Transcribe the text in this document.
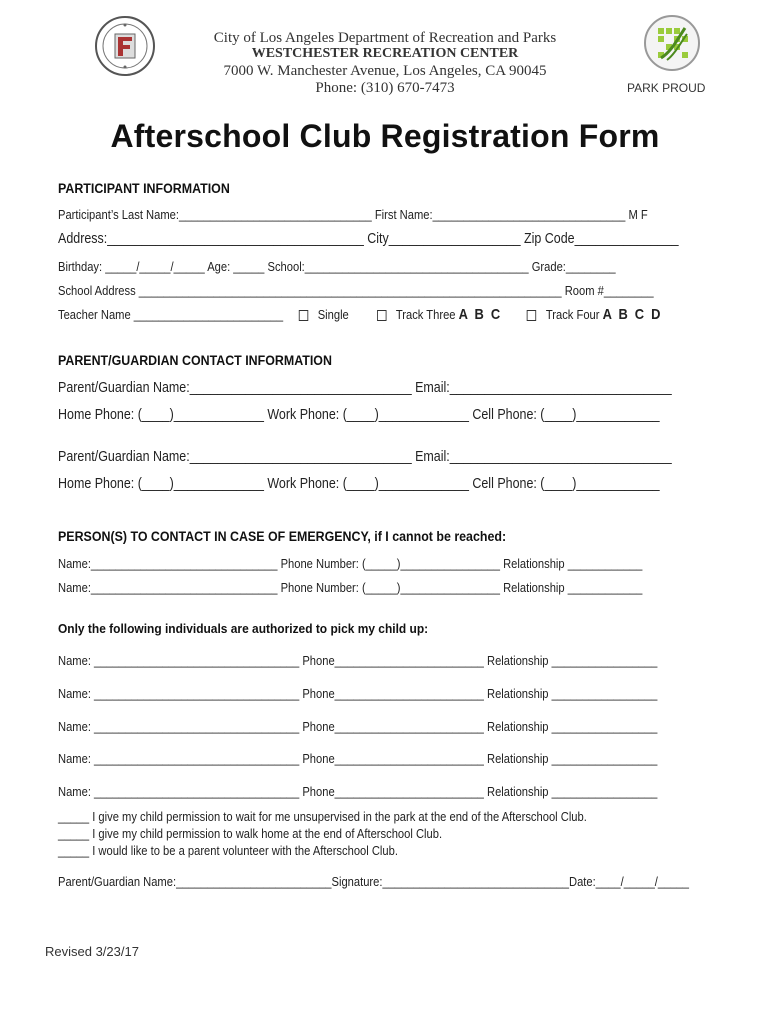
City of Los Angeles Department of Recreation and Parks
WESTCHESTER RECREATION CENTER
7000 W. Manchester Avenue, Los Angeles, CA 90045
Phone: (310) 670-7473	PARK PROUD
Afterschool Club Registration Form
PARTICIPANT INFORMATION
Participant’s Last Name:_______________________________ First Name:_______________________________ M F
Address:_____________________________________ City___________________ Zip Code_______________
Birthday: _____/_____/_____ Age: _____ School:____________________________________ Grade:________
School Address ____________________________________________________________________ Room #________
Teacher Name ________________________	Single	Track Three A B C	Track Four A B C D
PARENT/GUARDIAN CONTACT INFORMATION
Parent/Guardian Name:________________________________ Email:________________________________
Home Phone: (____)_____________ Work Phone: (____)_____________ Cell Phone: (____)____________
Parent/Guardian Name:________________________________ Email:________________________________
Home Phone: (____)_____________ Work Phone: (____)_____________ Cell Phone: (____)____________
PERSON(S) TO CONTACT IN CASE OF EMERGENCY, if I cannot be reached:
Name:______________________________ Phone Number: (_____)________________ Relationship ____________
Name:______________________________ Phone Number: (_____)________________ Relationship ____________
Only the following individuals are authorized to pick my child up:
Name: _________________________________ Phone________________________ Relationship _________________
Name: _________________________________ Phone________________________ Relationship _________________
Name: _________________________________ Phone________________________ Relationship _________________
Name: _________________________________ Phone________________________ Relationship _________________
Name: _________________________________ Phone________________________ Relationship _________________
_____ I give my child permission to wait for me unsupervised in the park at the end of the Afterschool Club.
_____ I give my child permission to walk home at the end of Afterschool Club.
_____ I would like to be a parent volunteer with the Afterschool Club.
Parent/Guardian Name:_________________________Signature:______________________________Date:____/_____/_____
Revised 3/23/17
